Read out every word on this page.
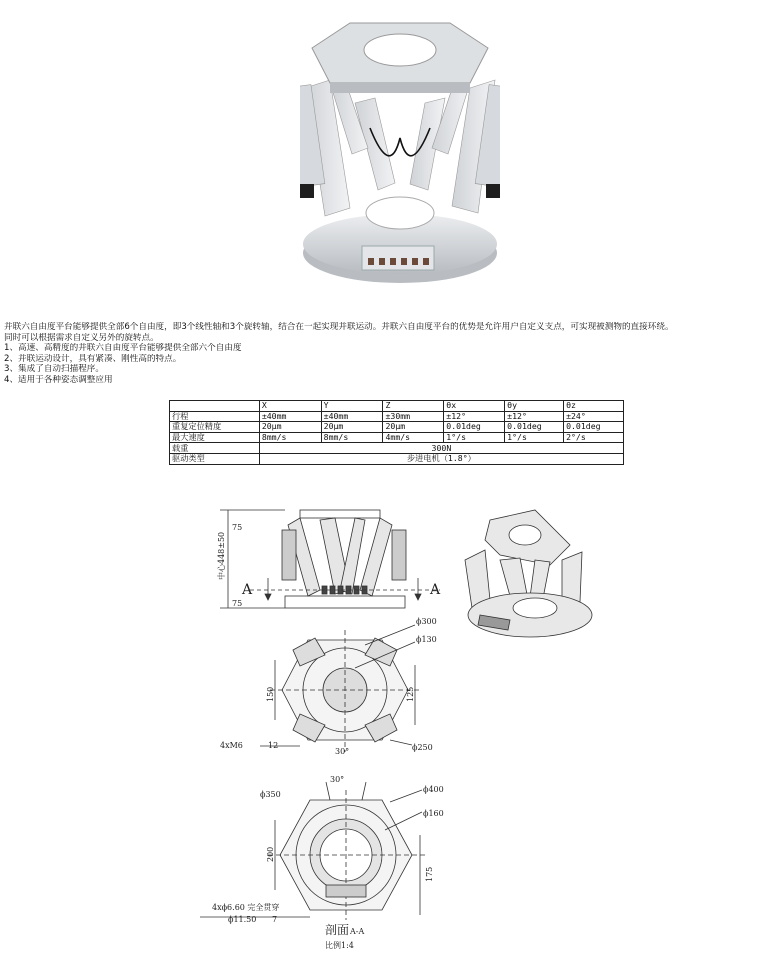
并联六自由度平台能够提供全部6个自由度，即3个线性轴和3个旋转轴，结合在一起实现并联运动。并联六自由度平台的优势是允许用户自定义支点，可实现被测物的直接环绕。
同时可以根据需求自定义另外的旋转点。
1、高速、高精度的并联六自由度平台能够提供全部六个自由度
2、并联运动设计，具有紧凑、刚性高的特点。
3、集成了自动扫描程序。
4、适用于各种姿态调整应用
	X	Y	Z	θx	θy	θz
行程	±40mm	±40mm	±30mm	±12°	±12°	±24°
重复定位精度	20μm	20μm	20μm	0.01deg	0.01deg	0.01deg
最大速度	8mm/s	8mm/s	4mm/s	1°/s	1°/s	2°/s
载重	300N					
驱动类型	步进电机（1.8°）					
75
75
中心448±50
A	A
ϕ300
ϕ130
ϕ250
150	125
4xM6	12
30°
30°
ϕ350
ϕ400
ϕ160
200
175
4xϕ6.60 完全贯穿
ϕ11.50 7
剖面 A-A
比例1:4
